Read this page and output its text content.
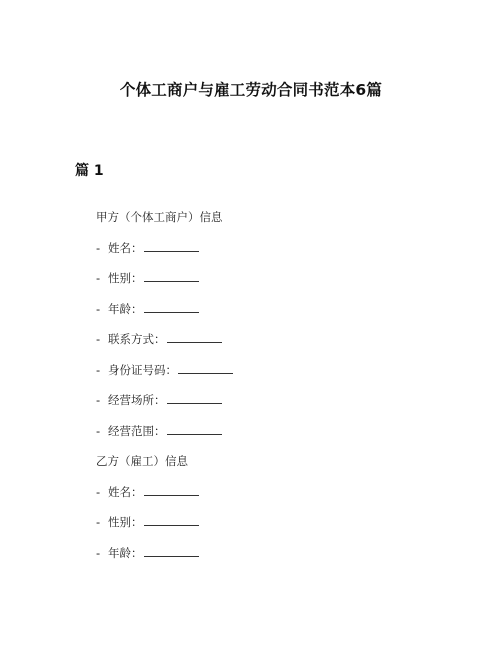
个体工商户与雇工劳动合同书范本6篇
篇 1
甲方（个体工商户）信息
- 姓名：
- 性别：
- 年龄：
- 联系方式：
- 身份证号码：
- 经营场所：
- 经营范围：
乙方（雇工）信息
- 姓名：
- 性别：
- 年龄：
